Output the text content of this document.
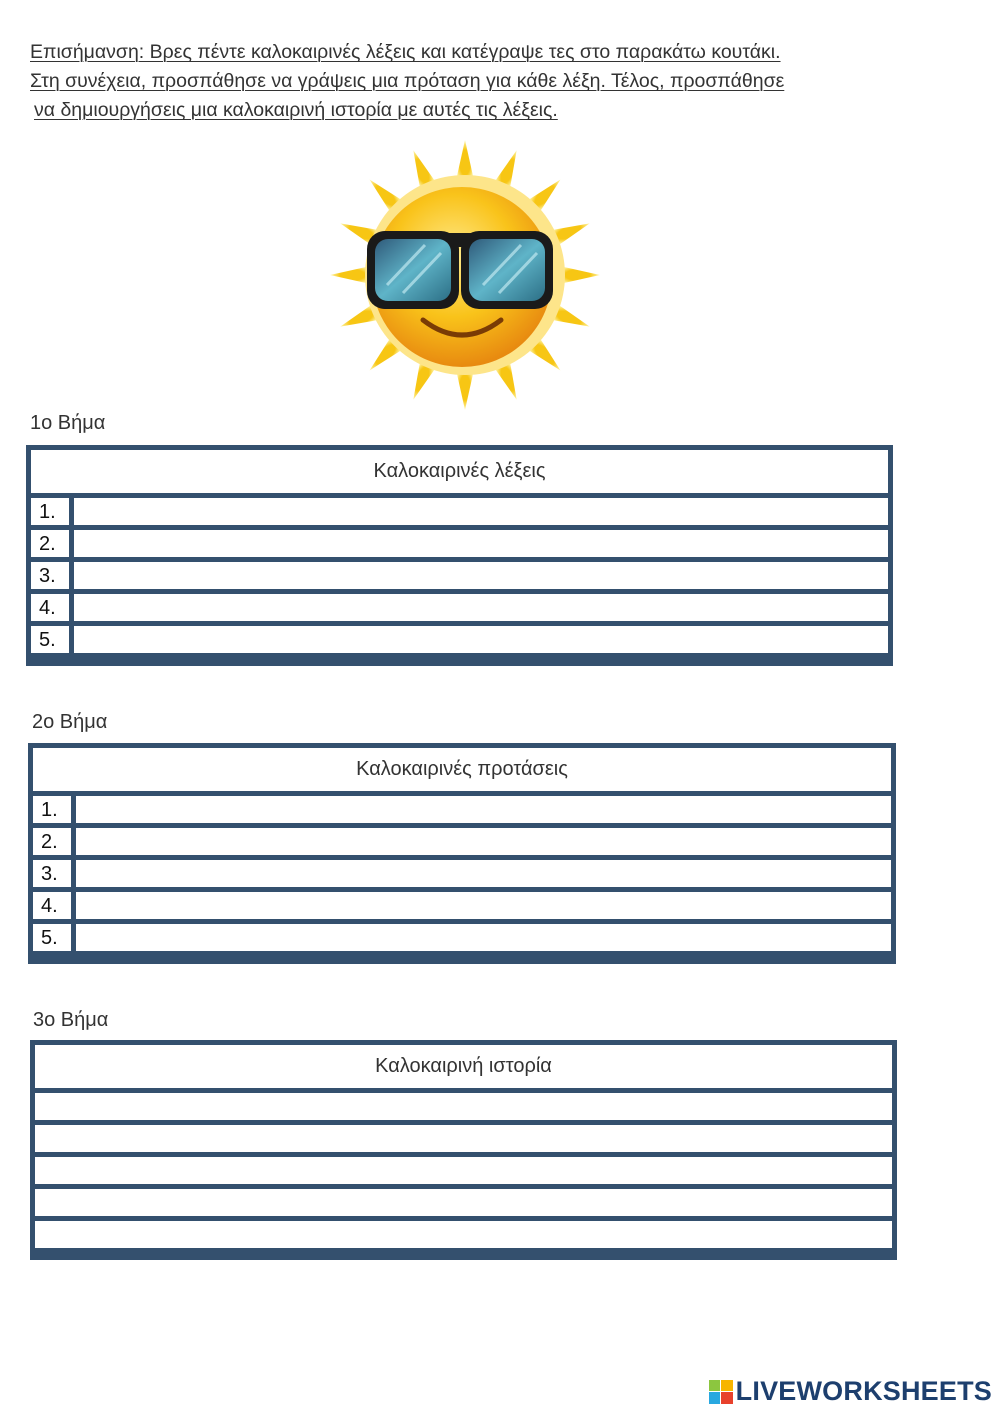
Επισήμανση: Βρες πέντε καλοκαιρινές λέξεις και κατέγραψε τες στο παρακάτω κουτάκι.
Στη συνέχεια, προσπάθησε να γράψεις μια πρόταση για κάθε λέξη. Τέλος, προσπάθησε
να δημιουργήσεις μια καλοκαιρινή ιστορία με αυτές τις λέξεις.
1ο Βήμα
Καλοκαιρινές λέξεις
1.
2.
3.
4.
5.
2ο Βήμα
Καλοκαιρινές προτάσεις
1.
2.
3.
4.
5.
3ο Βήμα
Καλοκαιρινή ιστορία
LIVEWORKSHEETS
